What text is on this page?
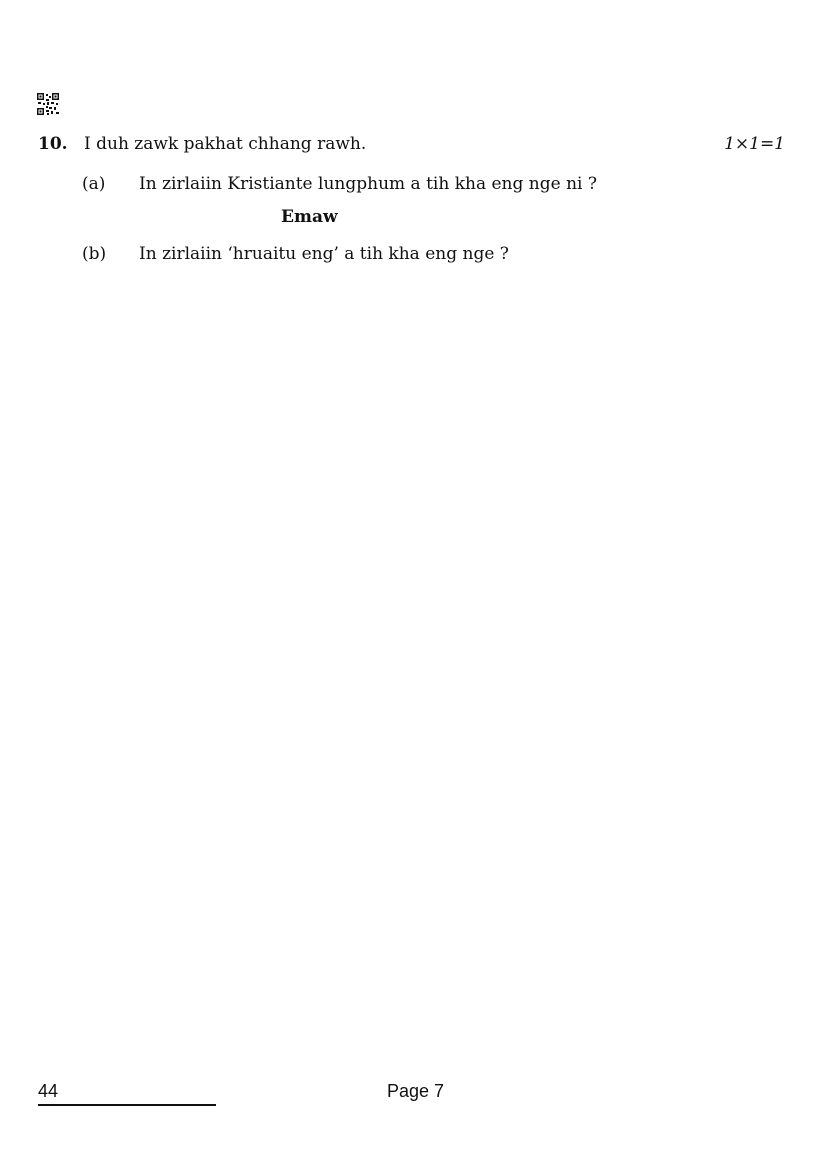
10. I duh zawk pakhat chhang rawh.	1×1=1
(a) In zirlaiin Kristiante lungphum a tih kha eng nge ni ?
Emaw
(b) In zirlaiin ‘hruaitu eng’ a tih kha eng nge ?
44	Page 7
